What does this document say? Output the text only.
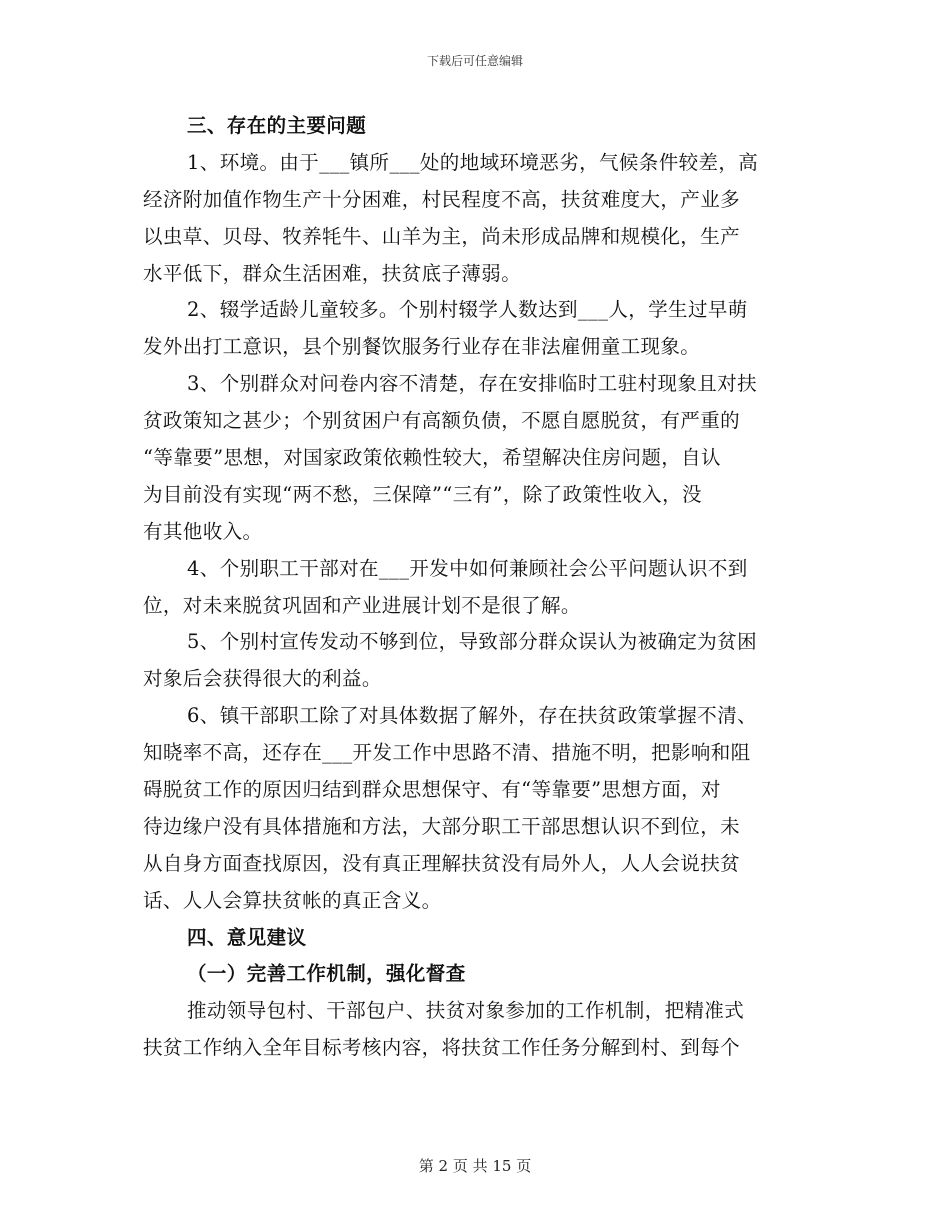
下载后可任意编辑
三、存在的主要问题
1、环境。由于___镇所___处的地域环境恶劣，气候条件较差，高
经济附加值作物生产十分困难，村民程度不高，扶贫难度大，产业多
以虫草、贝母、牧养牦牛、山羊为主，尚未形成品牌和规模化，生产
水平低下，群众生活困难，扶贫底子薄弱。
2、辍学适龄儿童较多。个别村辍学人数达到___人，学生过早萌
发外出打工意识，县个别餐饮服务行业存在非法雇佣童工现象。
3、个别群众对问卷内容不清楚，存在安排临时工驻村现象且对扶
贫政策知之甚少；个别贫困户有高额负债，不愿自愿脱贫，有严重的
“等靠要”思想，对国家政策依赖性较大，希望解决住房问题，自认
为目前没有实现“两不愁，三保障”“三有”，除了政策性收入，没
有其他收入。
4、个别职工干部对在___开发中如何兼顾社会公平问题认识不到
位，对未来脱贫巩固和产业进展计划不是很了解。
5、个别村宣传发动不够到位，导致部分群众误认为被确定为贫困
对象后会获得很大的利益。
6、镇干部职工除了对具体数据了解外，存在扶贫政策掌握不清、
知晓率不高，还存在___开发工作中思路不清、措施不明，把影响和阻
碍脱贫工作的原因归结到群众思想保守、有“等靠要”思想方面，对
待边缘户没有具体措施和方法，大部分职工干部思想认识不到位，未
从自身方面查找原因，没有真正理解扶贫没有局外人，人人会说扶贫
话、人人会算扶贫帐的真正含义。
四、意见建议
（一）完善工作机制，强化督查
推动领导包村、干部包户、扶贫对象参加的工作机制，把精准式
扶贫工作纳入全年目标考核内容，将扶贫工作任务分解到村、到每个
第 2 页 共 15 页
